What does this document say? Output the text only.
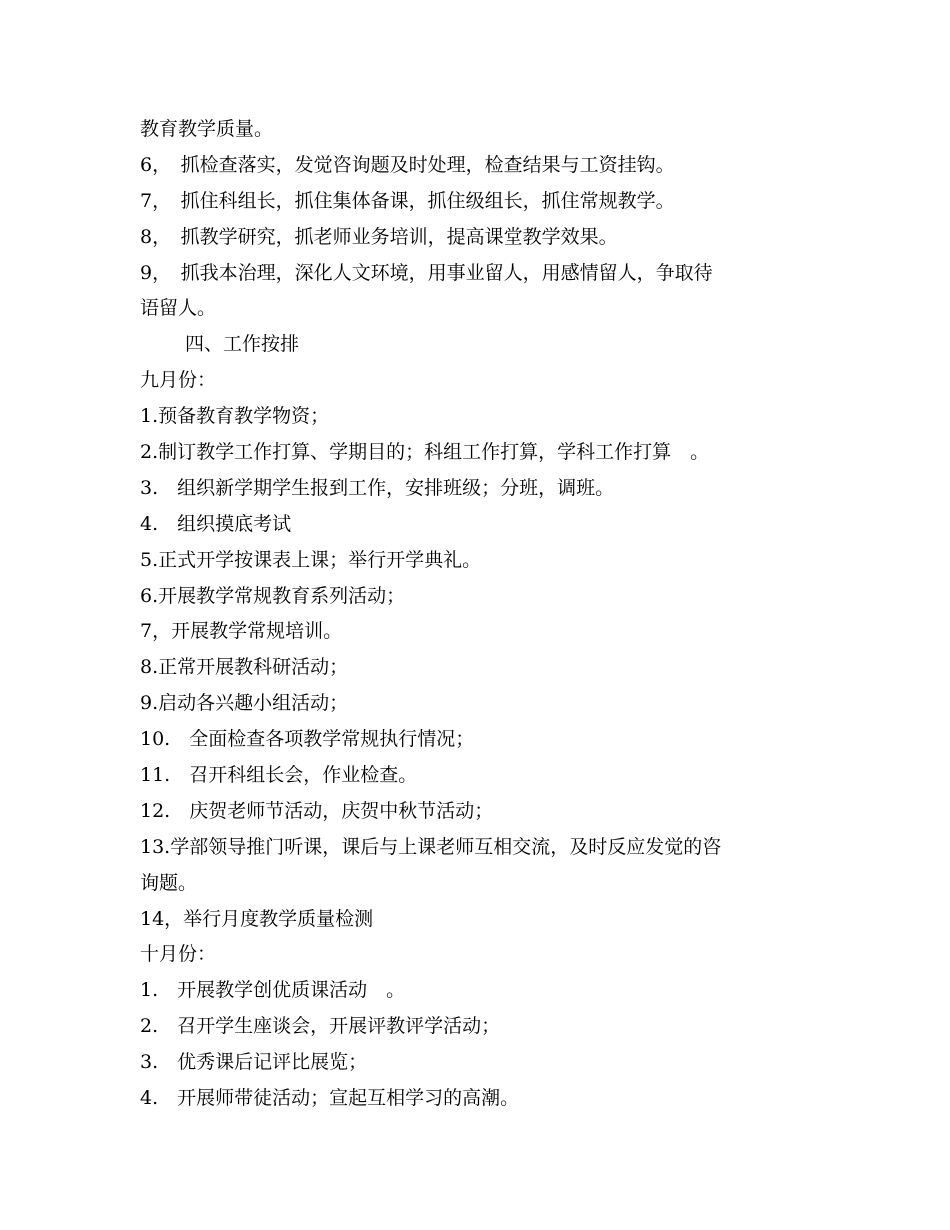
教育教学质量。
6，　抓检查落实，发觉咨询题及时处理，检查结果与工资挂钩。
7，　抓住科组长，抓住集体备课，抓住级组长，抓住常规教学。
8，　抓教学研究，抓老师业务培训，提高课堂教学效果。
9，　抓我本治理，深化人文环境，用事业留人，用感情留人，争取待
语留人。
四、工作按排
九月份：
1.预备教育教学物资；
2.制订教学工作打算、学期目的；科组工作打算，学科工作打算　。
3.　组织新学期学生报到工作，安排班级；分班，调班。
4.　组织摸底考试
5.正式开学按课表上课；举行开学典礼。
6.开展教学常规教育系列活动；
7，开展教学常规培训。
8.正常开展教科研活动；
9.启动各兴趣小组活动；
10.　全面检查各项教学常规执行情况；
11.　召开科组长会，作业检查。
12.　庆贺老师节活动，庆贺中秋节活动；
13.学部领导推门听课，课后与上课老师互相交流，及时反应发觉的咨
询题。
14，举行月度教学质量检测
十月份：
1.　开展教学创优质课活动　。
2.　召开学生座谈会，开展评教评学活动；
3.　优秀课后记评比展览；
4.　开展师带徒活动；宣起互相学习的高潮。
